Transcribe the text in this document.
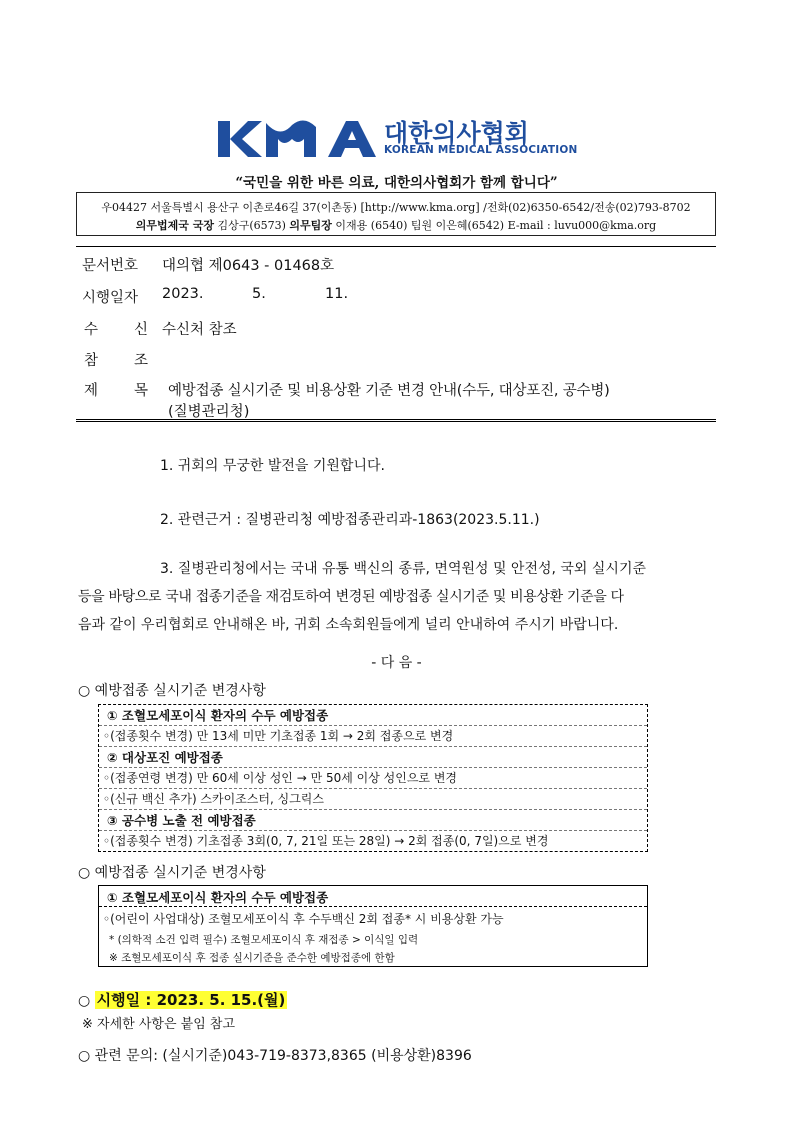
대한의사협회
KOREAN MEDICAL ASSOCIATION
“국민을 위한 바른 의료, 대한의사협회가 함께 합니다”
우04427 서울특별시 용산구 이촌로46길 37(이촌동) [http://www.kma.org] /전화(02)6350-6542/전송(02)793-8702
의무법제국 국장 김상구(6573) 의무팀장 이재용 (6540) 팀원 이은혜(6542) E-mail : luvu000@kma.org
문서번호 대의협 제0643 - 01468호
시행일자 2023.	5.	11.
수 신 수신처 참조
참 조
제 목 예방접종 실시기준 및 비용상환 기준 변경 안내(수두, 대상포진, 공수병)
(질병관리청)
1. 귀회의 무궁한 발전을 기원합니다.
2. 관련근거 : 질병관리청 예방접종관리과-1863(2023.5.11.)
3. 질병관리청에서는 국내 유통 백신의 종류, 면역원성 및 안전성, 국외 실시기준
등을 바탕으로 국내 접종기준을 재검토하여 변경된 예방접종 실시기준 및 비용상환 기준을 다
음과 같이 우리협회로 안내해온 바, 귀회 소속회원들에게 널리 안내하여 주시기 바랍니다.
- 다 음 -
○ 예방접종 실시기준 변경사항
① 조혈모세포이식 환자의 수두 예방접종
◦(접종횟수 변경) 만 13세 미만 기초접종 1회 → 2회 접종으로 변경
② 대상포진 예방접종
◦(접종연령 변경) 만 60세 이상 성인 → 만 50세 이상 성인으로 변경
◦(신규 백신 추가) 스카이조스터, 싱그릭스
③ 공수병 노출 전 예방접종
◦(접종횟수 변경) 기초접종 3회(0, 7, 21일 또는 28일) → 2회 접종(0, 7일)으로 변경
○ 예방접종 실시기준 변경사항
① 조혈모세포이식 환자의 수두 예방접종
◦(어린이 사업대상) 조혈모세포이식 후 수두백신 2회 접종* 시 비용상환 가능
* (의학적 소건 입력 필수) 조혈모세포이식 후 재접종 > 이식일 입력
※ 조혈모세포이식 후 접종 실시기준을 준수한 예방접종에 한함
○ 시행일 : 2023. 5. 15.(월)
※ 자세한 사항은 붙임 참고
○ 관련 문의: (실시기준)043-719-8373,8365 (비용상환)8396
